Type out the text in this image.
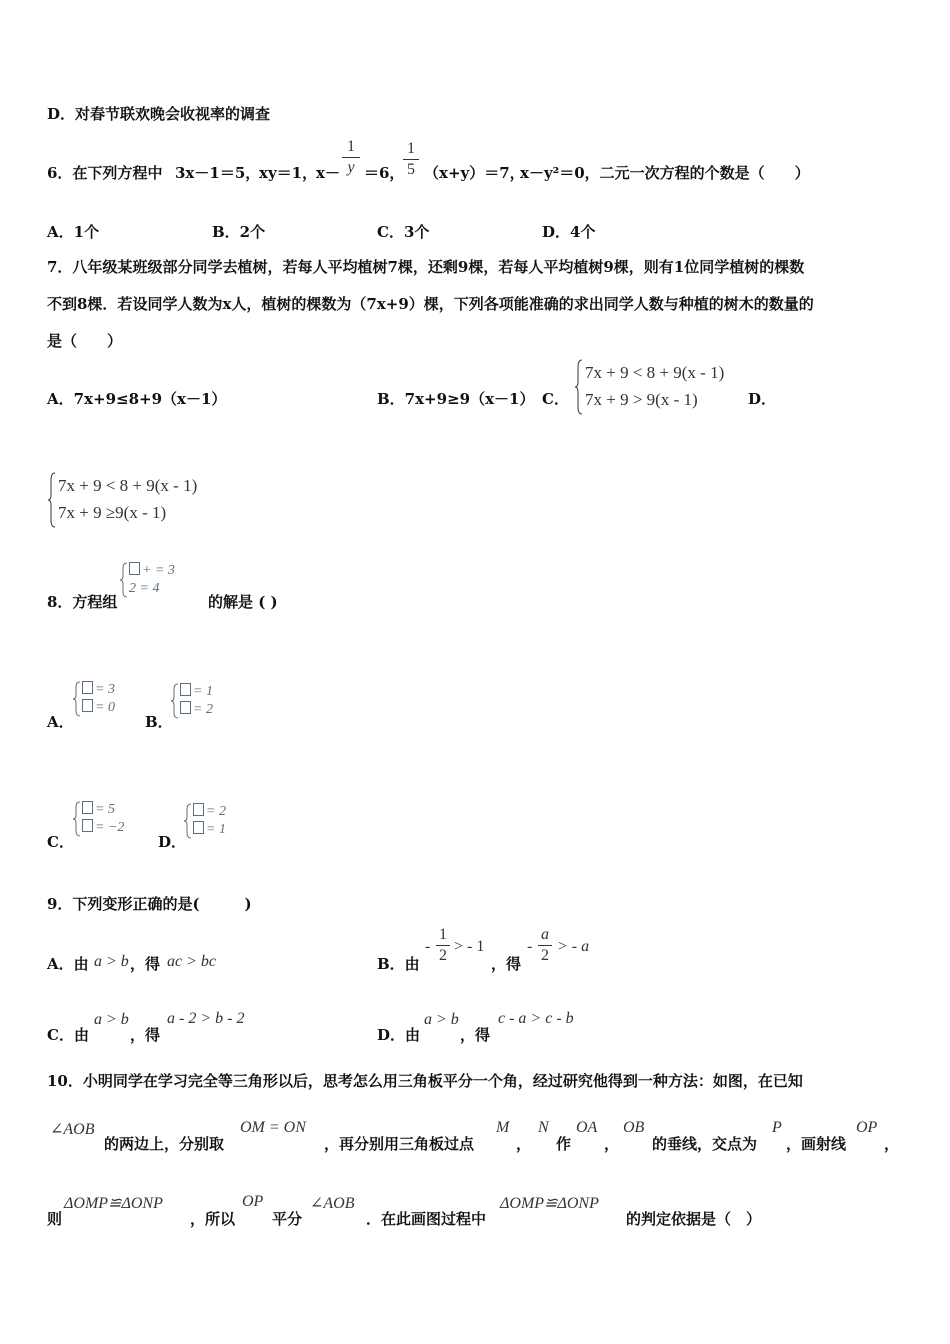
D．对春节联欢晚会收视率的调查
6．在下列方程中 3x－1＝5，
xy＝1，
x－
1
y ＝6，
1
5 （x+y）＝7，
x－y²＝0，二元一次方程的个数是（　　）
A．1个	B．2个	C．3个	D．4个
7．八年级某班级部分同学去植树，若每人平均植树7棵，还剩9棵，若每人平均植树9棵，则有1位同学植树的棵数
不到8棵．若设同学人数为x人，植树的棵数为（7x+9）棵，下列各项能准确的求出同学人数与种植的树木的数量的
是（　　）
A．7x+9≤8+9（x－1）	B．7x+9≥9（x－1） C．
7x + 9 < 8 + 9(x - 1)
7x + 9 > 9(x - 1)	D．
7x + 9 < 8 + 9(x - 1)
7x + 9 ≥9(x - 1)
8．方程组
+ = 3
2 = 4
的解是 ( )
A．
= 3
= 0
B．
= 1
= 2
C．
= 5
= −2
D．
= 2
= 1
9．下列变形正确的是(　　　)
A．由 a > b ，得 ac > bc	B．由
-
1
2
> - 1
，得
-
a
2
> - a
C．由
a > b
，得
a - 2 > b - 2
D．由
a > b
，得
c - a > c - b
10．小明同学在学习完全等三角形以后，思考怎么用三角板平分一个角，经过研究他得到一种方法：如图，在已知
∠AOB
的两边上，分别取
OM = ON
，再分别用三角板过点
M
，
N
作
OA
，
OB
的垂线，交点为
P
，画射线
OP
，
则
ΔOMP≌ΔONP
，所以
OP
平分
∠AOB
．在此画图过程中
ΔOMP≌ΔONP
的判定依据是（　）
